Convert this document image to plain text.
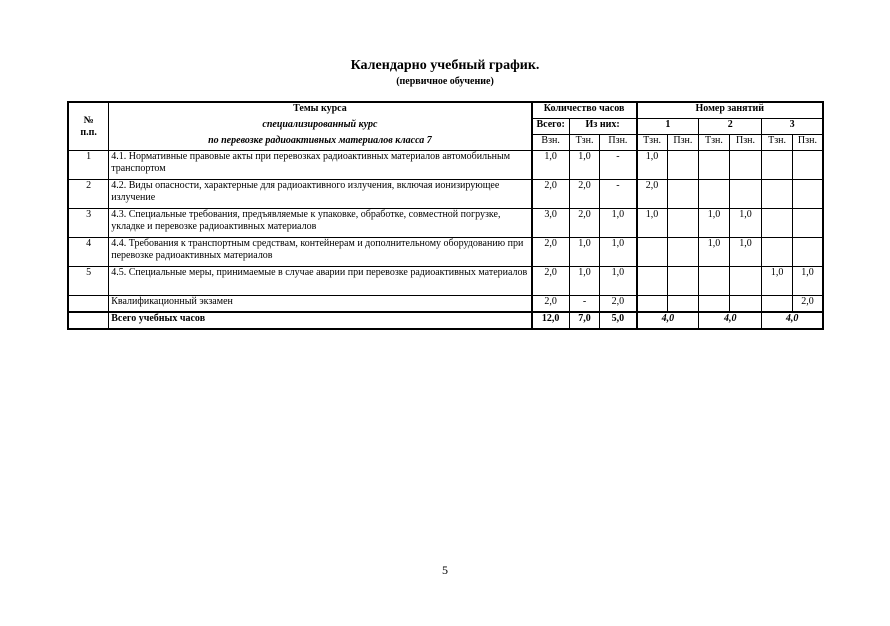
Календарно учебный график.
(первичное обучение)
№
п.п.	Темы курса	Количество часов			Номер занятий					
	специализированный курс	Всего:	Из них:		1		2		3	
	по перевозке радиоактивных материалов класса 7	Взн.	Тзн.	Пзн.	Тзн.	Пзн.	Тзн.	Пзн.	Тзн.	Пзн.
1	4.1. Нормативные правовые акты при перевозках радиоактивных материалов автомобильным транспортом	1,0	1,0	-	1,0					
2	4.2. Виды опасности, характерные для радиоактивного излучения, включая ионизирующее излучение	2,0	2,0	-	2,0					
3	4.3. Специальные требования, предъявляемые к упаковке, обработке, совместной погрузке, укладке и перевозке радиоактивных материалов	3,0	2,0	1,0	1,0		1,0	1,0		
4	4.4. Требования к транспортным средствам, контейнерам и дополнительному оборудованию при перевозке радиоактивных материалов	2,0	1,0	1,0			1,0	1,0		
5	4.5. Специальные меры, принимаемые в случае аварии при перевозке радиоактивных материалов	2,0	1,0	1,0					1,0	1,0
	Квалификационный экзамен	2,0	-	2,0						2,0
	Всего учебных часов	12,0	7,0	5,0	4,0		4,0		4,0	
5
